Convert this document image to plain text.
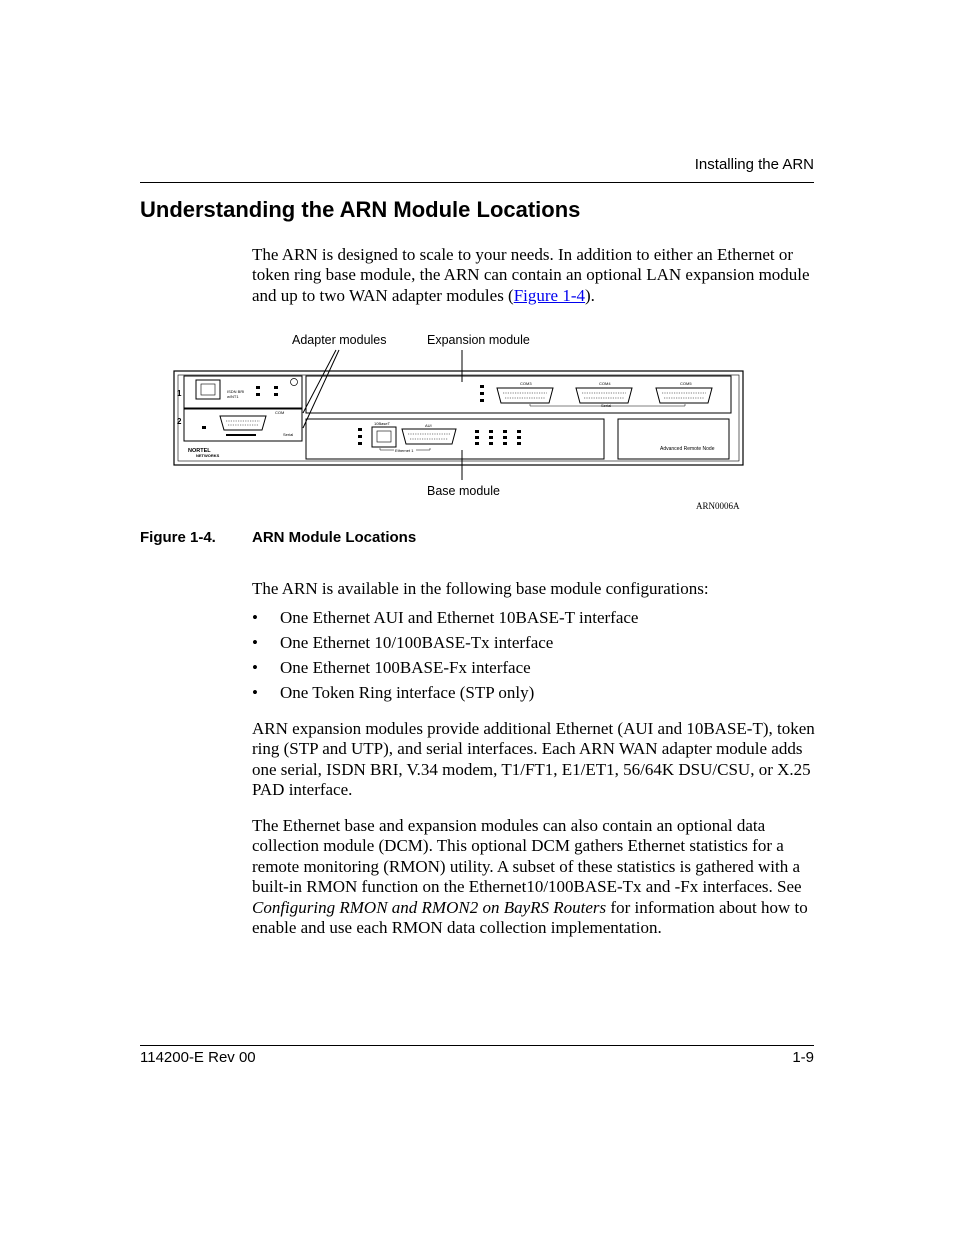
Installing the ARN
Understanding the ARN Module Locations

The ARN is designed to scale to your needs. In addition to either an Ethernet or token ring base module, the ARN can contain an optional LAN expansion module and up to two WAN adapter modules (Figure 1-4).

Adapter modules	Expansion module
Base module
ARN0006A
1
2
ISDN BRI
w/NT1
COM
Serial
NORTEL
NETWORKS
COM3	COM4	COM5
Serial
10BaseT	AUI
Ethernet 1	Advanced Remote Node
Figure 1-4. ARN Module Locations

The ARN is available in the following base module configurations:

• One Ethernet AUI and Ethernet 10BASE-T interface
• One Ethernet 10/100BASE-Tx interface
• One Ethernet 100BASE-Fx interface
• One Token Ring interface (STP only)

ARN expansion modules provide additional Ethernet (AUI and 10BASE-T), token ring (STP and UTP), and serial interfaces. Each ARN WAN adapter module adds one serial, ISDN BRI, V.34 modem, T1/FT1, E1/ET1, 56/64K DSU/CSU, or X.25 PAD interface.

The Ethernet base and expansion modules can also contain an optional data collection module (DCM). This optional DCM gathers Ethernet statistics for a remote monitoring (RMON) utility. A subset of these statistics is gathered with a built-in RMON function on the Ethernet10/100BASE-Tx and -Fx interfaces. See Configuring RMON and RMON2 on BayRS Routers for information about how to enable and use each RMON data collection implementation.

114200-E Rev 00	1-9
